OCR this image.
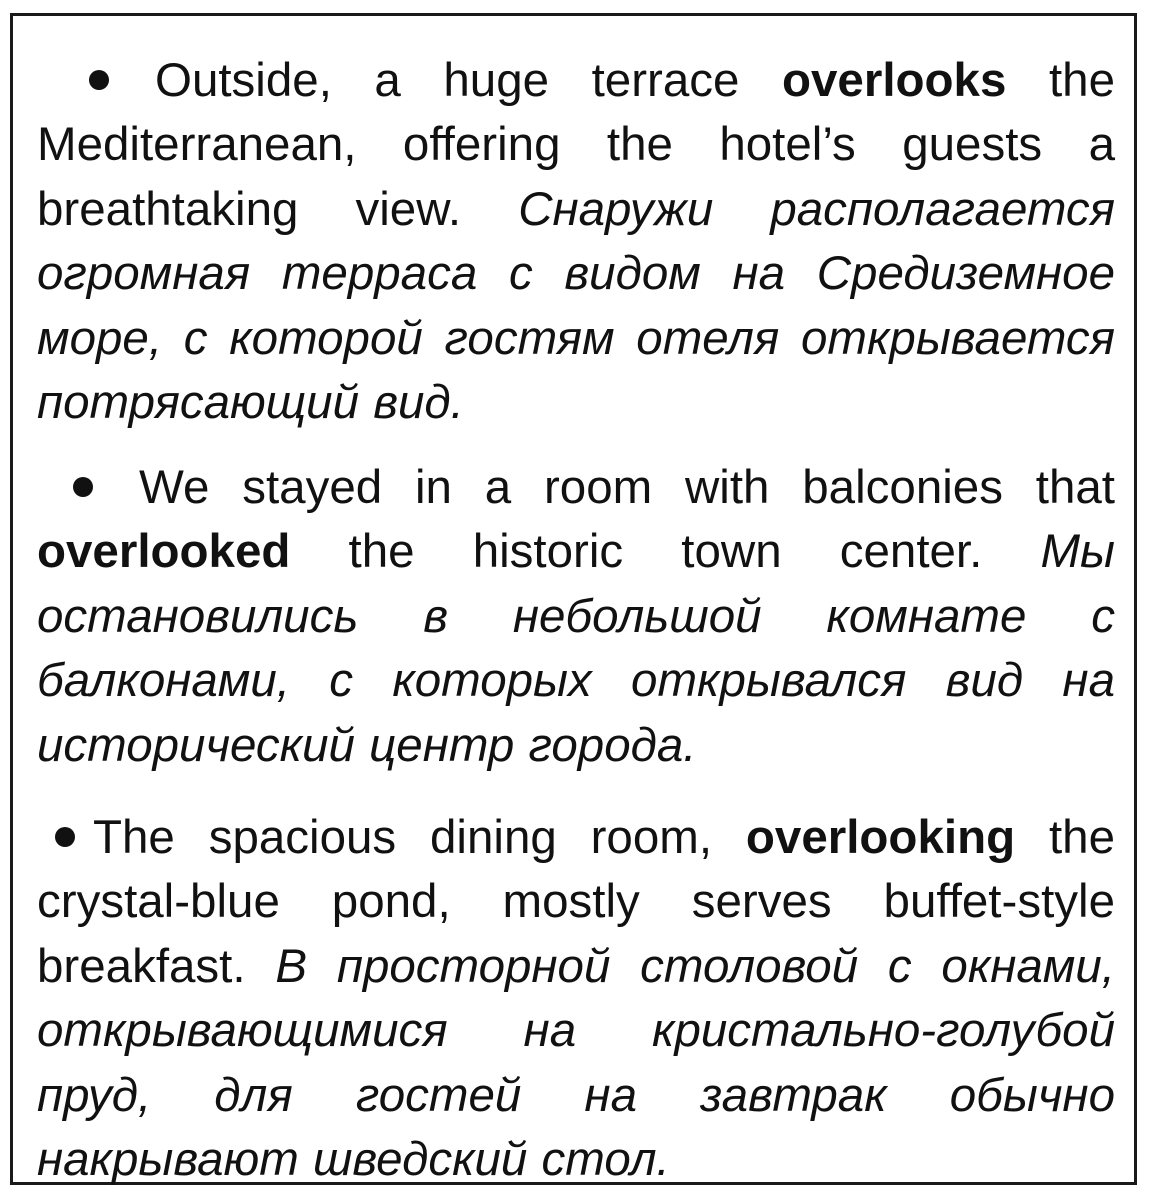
Outside, a huge terrace overlooks the Mediterranean, offering the hotel’s guests a breathtaking view. Снаружи располагается огромная терраса с видом на Средиземное море, с которой гостям отеля открывается потрясающий вид.
We stayed in a room with balconies that overlooked the historic town center. Мы остановились в небольшой комнате с балконами, с которых открывался вид на исторический центр города.
The spacious dining room, overlooking the crystal-blue pond, mostly serves buffet-style breakfast. В просторной столовой с окнами, открывающимися на кристально-голубой пруд, для гостей на завтрак обычно накрывают шведский стол.
